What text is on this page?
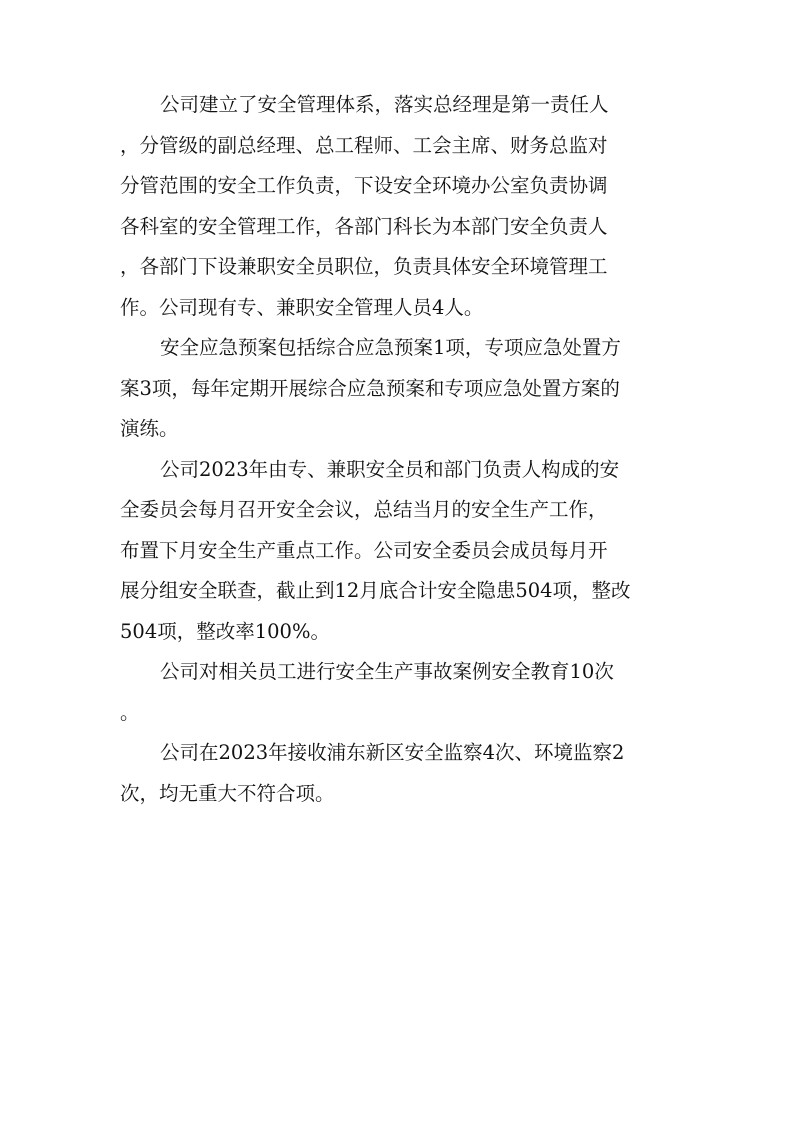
公司建立了安全管理体系，落实总经理是第一责任人
，分管级的副总经理、总工程师、工会主席、财务总监对
分管范围的安全工作负责，下设安全环境办公室负责协调
各科室的安全管理工作，各部门科长为本部门安全负责人
，各部门下设兼职安全员职位，负责具体安全环境管理工
作。公司现有专、兼职安全管理人员4人。
安全应急预案包括综合应急预案1项，专项应急处置方
案3项，每年定期开展综合应急预案和专项应急处置方案的
演练。
公司2023年由专、兼职安全员和部门负责人构成的安
全委员会每月召开安全会议，总结当月的安全生产工作，
布置下月安全生产重点工作。公司安全委员会成员每月开
展分组安全联查，截止到12月底合计安全隐患504项，整改
504项，整改率100%。
公司对相关员工进行安全生产事故案例安全教育10次
。
公司在2023年接收浦东新区安全监察4次、环境监察2
次，均无重大不符合项。
